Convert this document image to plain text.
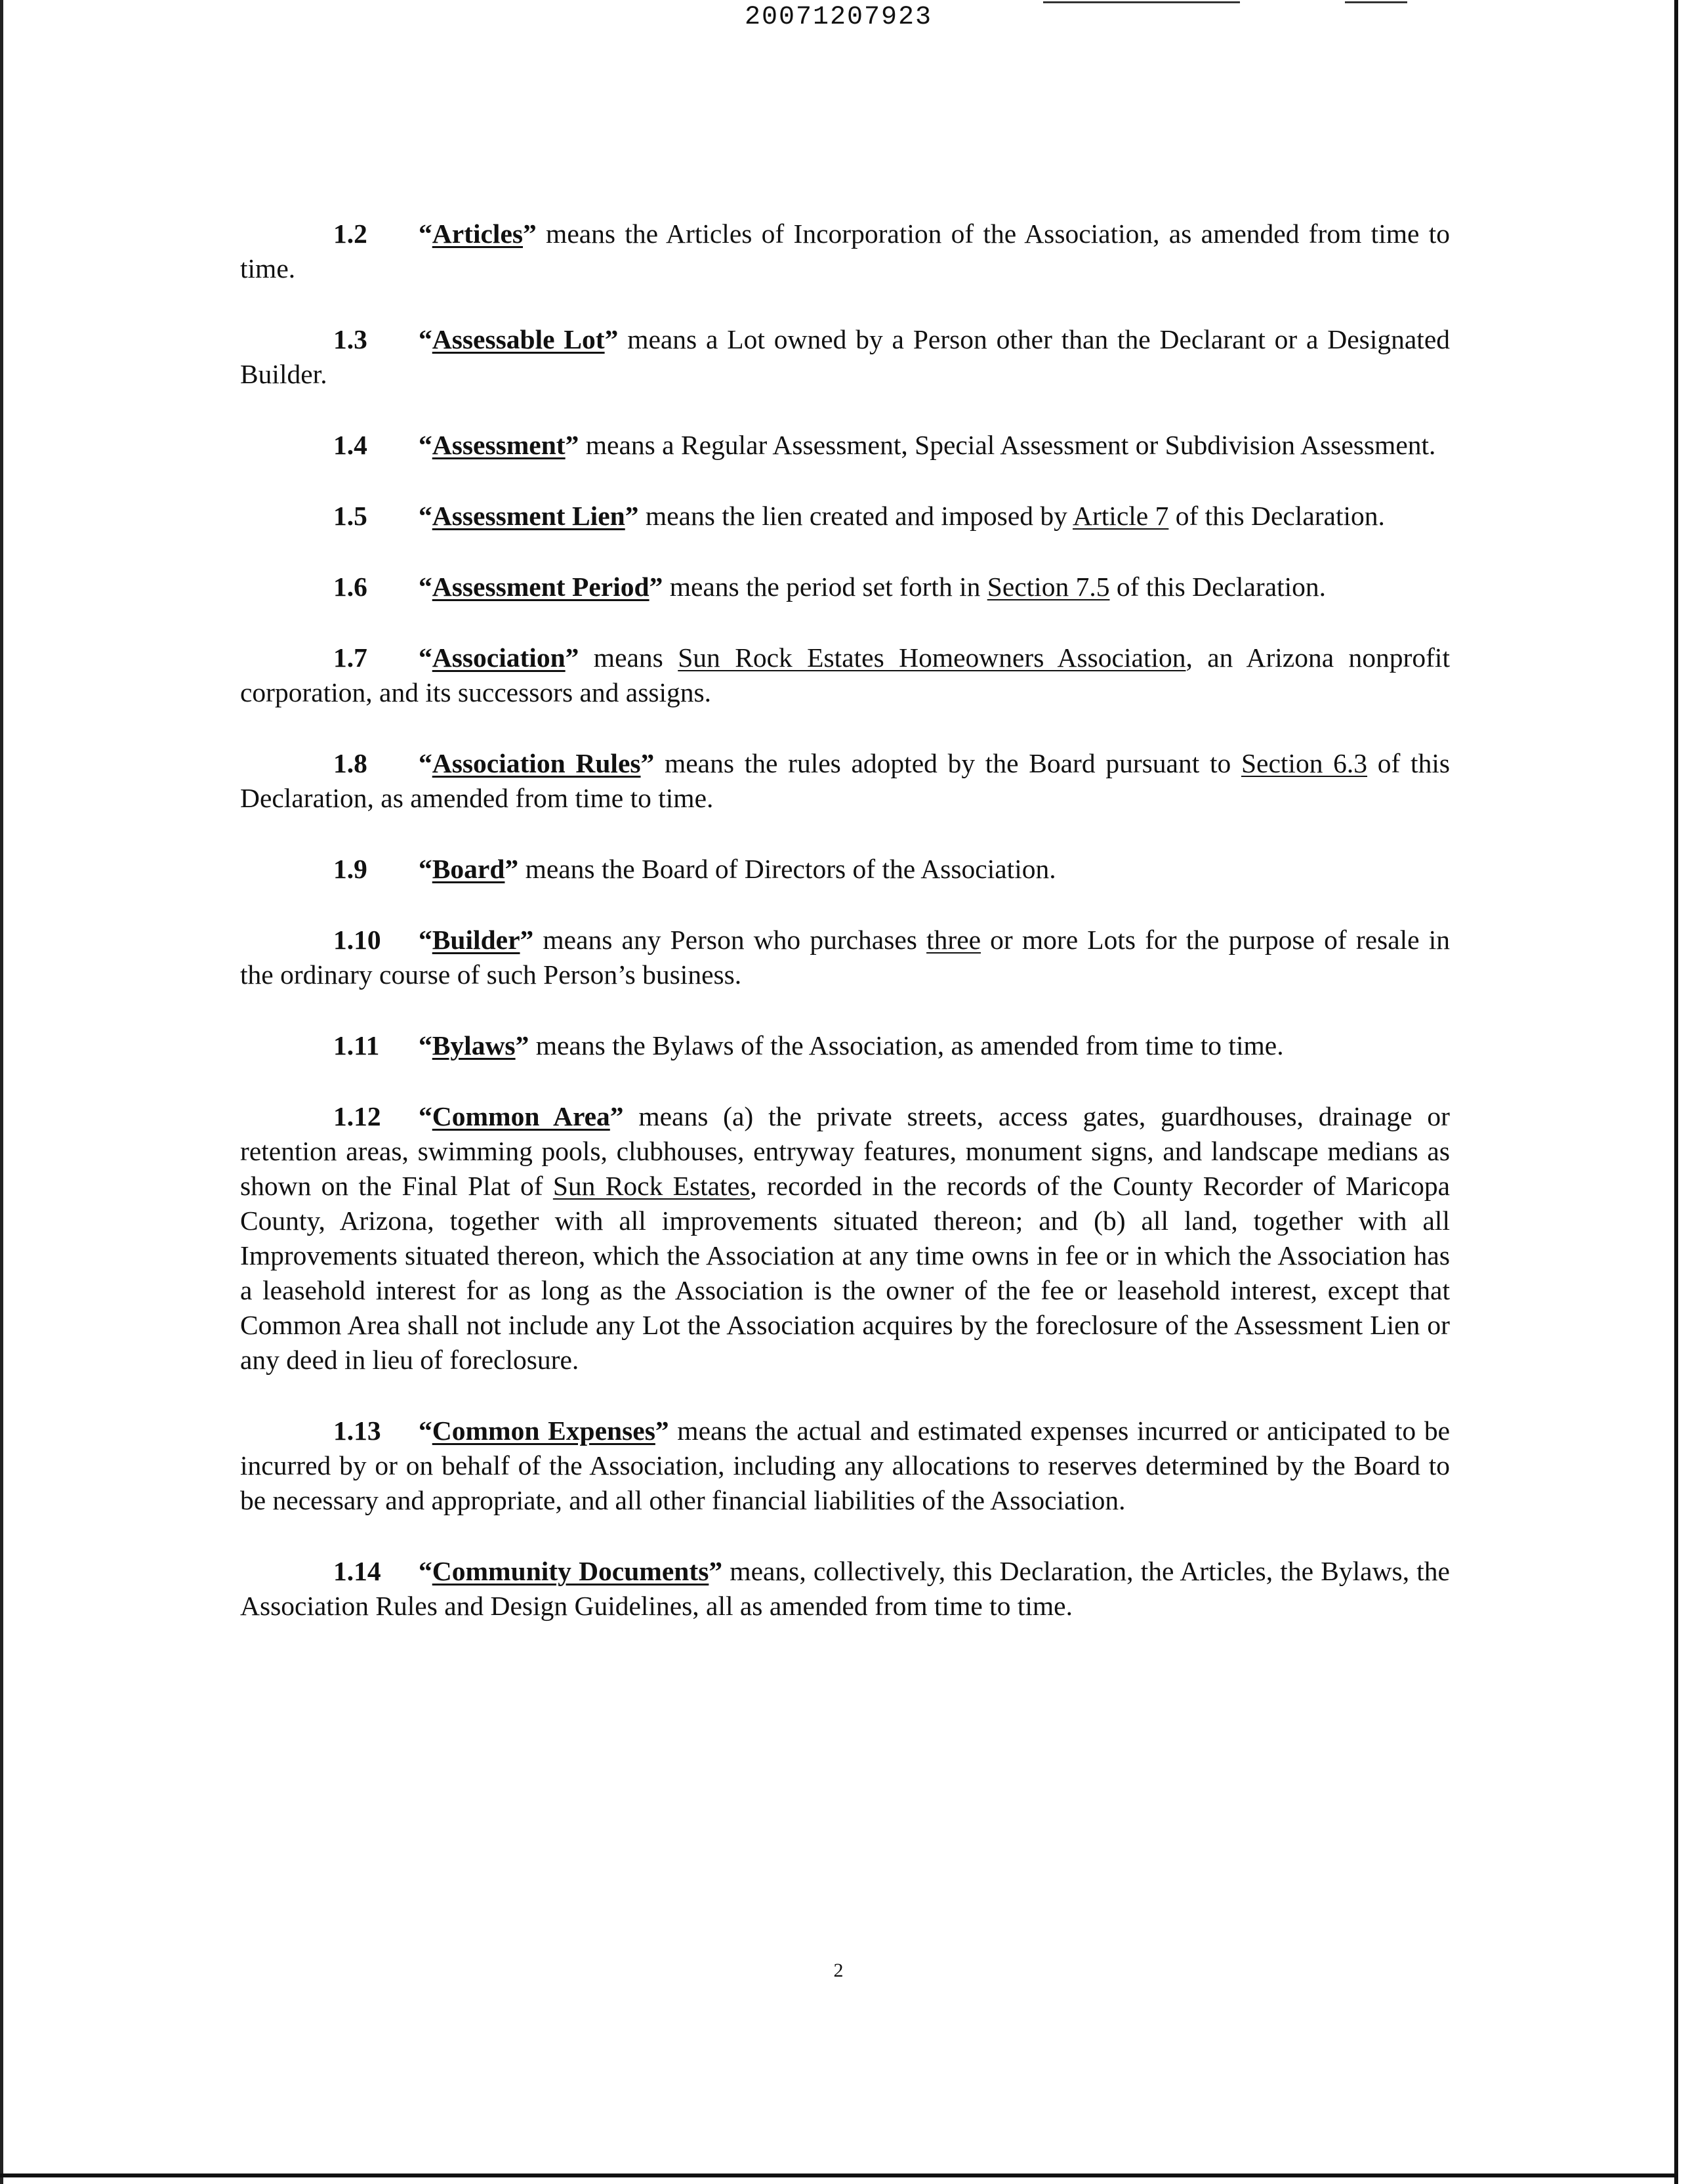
20071207923

1.2 “Articles” means the Articles of Incorporation of the Association, as amended from time to time.

1.3 “Assessable Lot” means a Lot owned by a Person other than the Declarant or a Designated Builder.

1.4 “Assessment” means a Regular Assessment, Special Assessment or Subdivision Assessment.

1.5 “Assessment Lien” means the lien created and imposed by Article 7 of this Declaration.

1.6 “Assessment Period” means the period set forth in Section 7.5 of this Declaration.

1.7 “Association” means Sun Rock Estates Homeowners Association, an Arizona nonprofit corporation, and its successors and assigns.

1.8 “Association Rules” means the rules adopted by the Board pursuant to Section 6.3 of this Declaration, as amended from time to time.

1.9 “Board” means the Board of Directors of the Association.

1.10 “Builder” means any Person who purchases three or more Lots for the purpose of resale in the ordinary course of such Person’s business.

1.11 “Bylaws” means the Bylaws of the Association, as amended from time to time.

1.12 “Common Area” means (a) the private streets, access gates, guardhouses, drainage or retention areas, swimming pools, clubhouses, entryway features, monument signs, and landscape medians as shown on the Final Plat of Sun Rock Estates, recorded in the records of the County Recorder of Maricopa County, Arizona, together with all improvements situated thereon; and (b) all land, together with all Improvements situated thereon, which the Association at any time owns in fee or in which the Association has a leasehold interest for as long as the Association is the owner of the fee or leasehold interest, except that Common Area shall not include any Lot the Association acquires by the foreclosure of the Assessment Lien or any deed in lieu of foreclosure.

1.13 “Common Expenses” means the actual and estimated expenses incurred or anticipated to be incurred by or on behalf of the Association, including any allocations to reserves determined by the Board to be necessary and appropriate, and all other financial liabilities of the Association.

1.14 “Community Documents” means, collectively, this Declaration, the Articles, the Bylaws, the Association Rules and Design Guidelines, all as amended from time to time.

2
